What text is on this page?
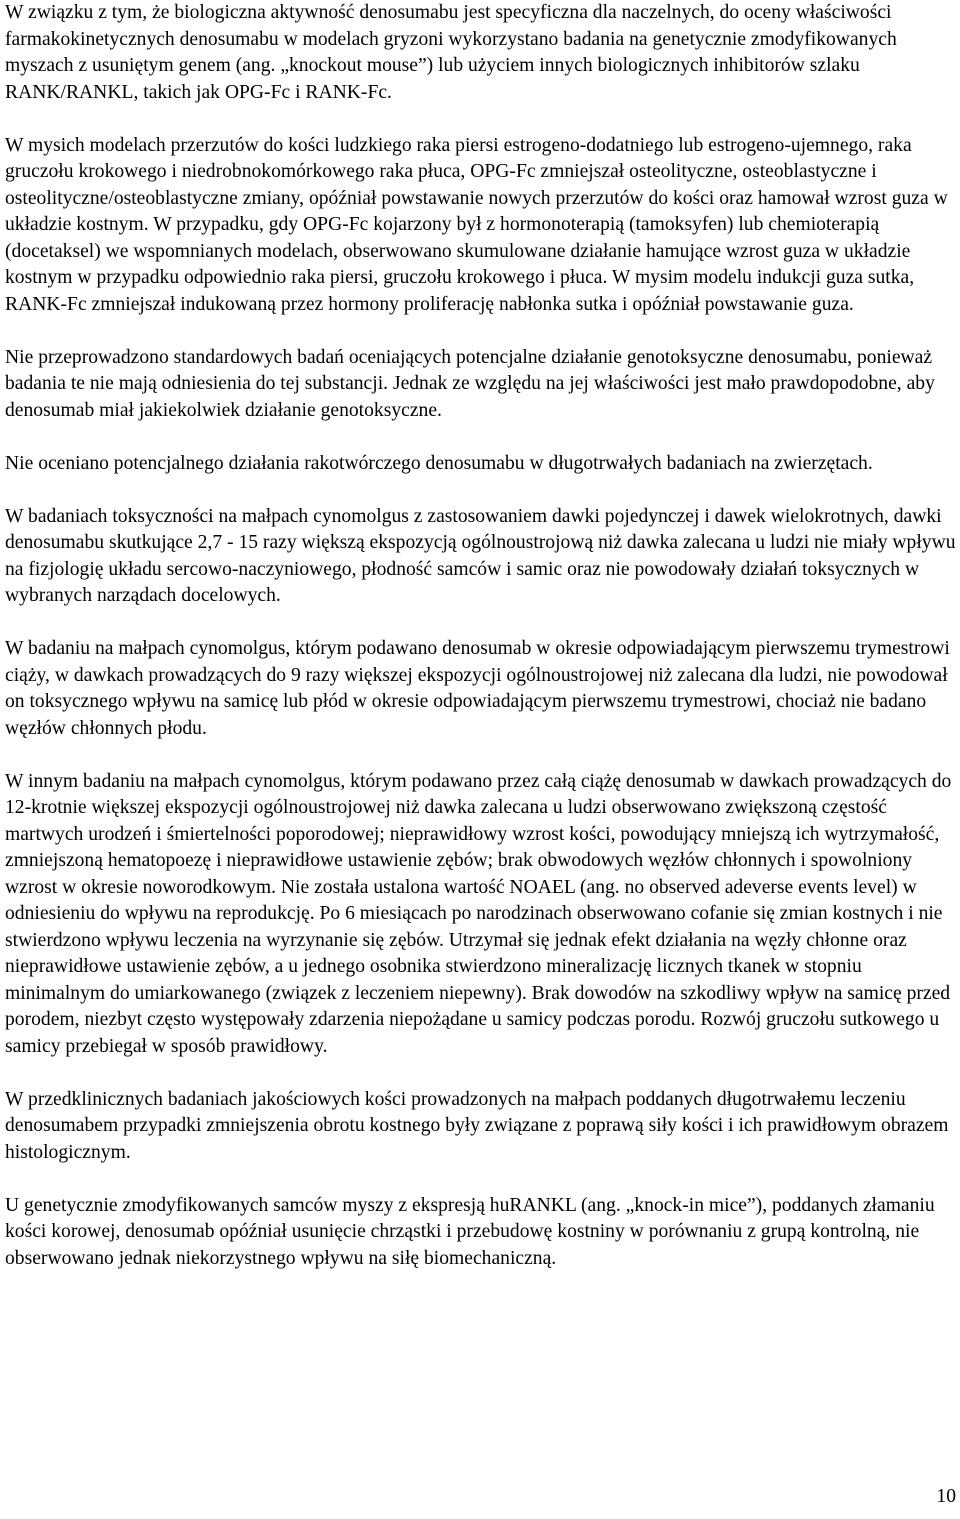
W związku z tym, że biologiczna aktywność denosumabu jest specyficzna dla naczelnych, do oceny właściwości farmakokinetycznych denosumabu w modelach gryzoni wykorzystano badania na genetycznie zmodyfikowanych myszach z usuniętym genem (ang. „knockout mouse”) lub użyciem innych biologicznych inhibitorów szlaku RANK/RANKL, takich jak OPG-Fc i RANK-Fc.

W mysich modelach przerzutów do kości ludzkiego raka piersi estrogeno-dodatniego lub estrogeno-ujemnego, raka gruczołu krokowego i niedrobnokomórkowego raka płuca, OPG-Fc zmniejszał osteolityczne, osteoblastyczne i osteolityczne/osteoblastyczne zmiany, opóźniał powstawanie nowych przerzutów do kości oraz hamował wzrost guza w układzie kostnym. W przypadku, gdy OPG-Fc kojarzony był z hormonoterapią (tamoksyfen) lub chemioterapią (docetaksel) we wspomnianych modelach, obserwowano skumulowane działanie hamujące wzrost guza w układzie kostnym w przypadku odpowiednio raka piersi, gruczołu krokowego i płuca. W mysim modelu indukcji guza sutka, RANK-Fc zmniejszał indukowaną przez hormony proliferację nabłonka sutka i opóźniał powstawanie guza.

Nie przeprowadzono standardowych badań oceniających potencjalne działanie genotoksyczne denosumabu, ponieważ badania te nie mają odniesienia do tej substancji. Jednak ze względu na jej właściwości jest mało prawdopodobne, aby denosumab miał jakiekolwiek działanie genotoksyczne.

Nie oceniano potencjalnego działania rakotwórczego denosumabu w długotrwałych badaniach na zwierzętach.

W badaniach toksyczności na małpach cynomolgus z zastosowaniem dawki pojedynczej i dawek wielokrotnych, dawki denosumabu skutkujące 2,7 - 15 razy większą ekspozycją ogólnoustrojową niż dawka zalecana u ludzi nie miały wpływu na fizjologię układu sercowo-naczyniowego, płodność samców i samic oraz nie powodowały działań toksycznych w wybranych narządach docelowych.

W badaniu na małpach cynomolgus, którym podawano denosumab w okresie odpowiadającym pierwszemu trymestrowi ciąży, w dawkach prowadzących do 9 razy większej ekspozycji ogólnoustrojowej niż zalecana dla ludzi, nie powodował on toksycznego wpływu na samicę lub płód w okresie odpowiadającym pierwszemu trymestrowi, chociaż nie badano węzłów chłonnych płodu.

W innym badaniu na małpach cynomolgus, którym podawano przez całą ciążę denosumab w dawkach prowadzących do 12-krotnie większej ekspozycji ogólnoustrojowej niż dawka zalecana u ludzi obserwowano zwiększoną częstość martwych urodzeń i śmiertelności poporodowej; nieprawidłowy wzrost kości, powodujący mniejszą ich wytrzymałość, zmniejszoną hematopoezę i nieprawidłowe ustawienie zębów; brak obwodowych węzłów chłonnych i spowolniony wzrost w okresie noworodkowym. Nie została ustalona wartość NOAEL (ang. no observed adeverse events level) w odniesieniu do wpływu na reprodukcję. Po 6 miesiącach po narodzinach obserwowano cofanie się zmian kostnych i nie stwierdzono wpływu leczenia na wyrzynanie się zębów. Utrzymał się jednak efekt działania na węzły chłonne oraz nieprawidłowe ustawienie zębów, a u jednego osobnika stwierdzono mineralizację licznych tkanek w stopniu minimalnym do umiarkowanego (związek z leczeniem niepewny). Brak dowodów na szkodliwy wpływ na samicę przed porodem, niezbyt często występowały zdarzenia niepożądane u samicy podczas porodu. Rozwój gruczołu sutkowego u samicy przebiegał w sposób prawidłowy.

W przedklinicznych badaniach jakościowych kości prowadzonych na małpach poddanych długotrwałemu leczeniu denosumabem przypadki zmniejszenia obrotu kostnego były związane z poprawą siły kości i ich prawidłowym obrazem histologicznym.

U genetycznie zmodyfikowanych samców myszy z ekspresją huRANKL (ang. „knock-in mice”), poddanych złamaniu kości korowej, denosumab opóźniał usunięcie chrząstki i przebudowę kostniny w porównaniu z grupą kontrolną, nie obserwowano jednak niekorzystnego wpływu na siłę biomechaniczną.

10
